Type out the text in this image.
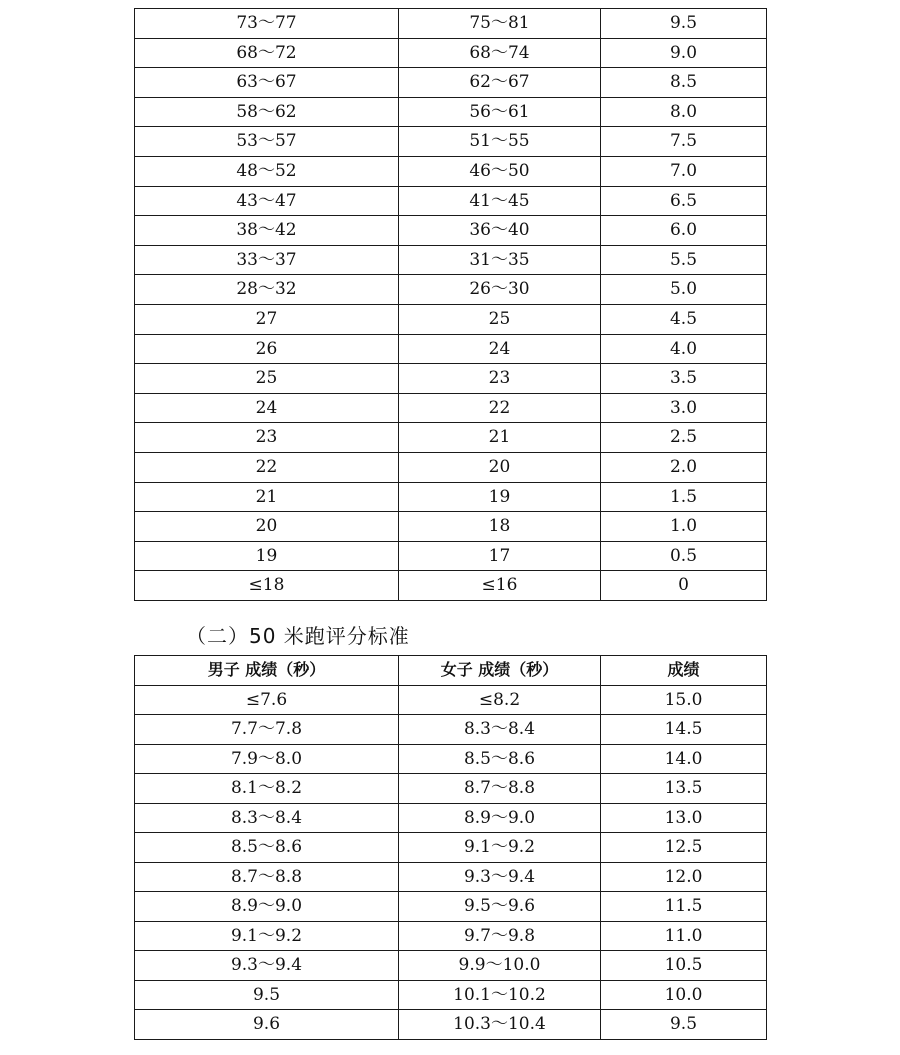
73～77	75～81	9.5
68～72	68～74	9.0
63～67	62～67	8.5
58～62	56～61	8.0
53～57	51～55	7.5
48～52	46～50	7.0
43～47	41～45	6.5
38～42	36～40	6.0
33～37	31～35	5.5
28～32	26～30	5.0
27	25	4.5
26	24	4.0
25	23	3.5
24	22	3.0
23	21	2.5
22	20	2.0
21	19	1.5
20	18	1.0
19	17	0.5
≤18	≤16	0
（二）50 米跑评分标准
男子 成绩（秒）	女子 成绩（秒）	成绩
≤7.6	≤8.2	15.0
7.7～7.8	8.3～8.4	14.5
7.9～8.0	8.5～8.6	14.0
8.1～8.2	8.7～8.8	13.5
8.3～8.4	8.9～9.0	13.0
8.5～8.6	9.1～9.2	12.5
8.7～8.8	9.3～9.4	12.0
8.9～9.0	9.5～9.6	11.5
9.1～9.2	9.7～9.8	11.0
9.3～9.4	9.9～10.0	10.5
9.5	10.1～10.2	10.0
9.6	10.3～10.4	9.5
